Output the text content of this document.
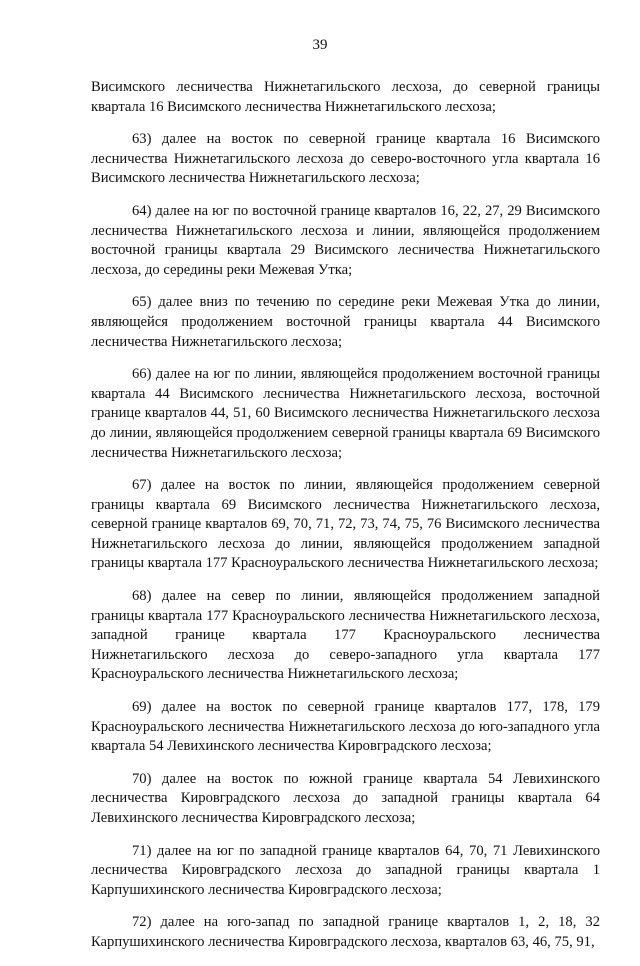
39

Висимского лесничества Нижнетагильского лесхоза, до северной границы квартала 16 Висимского лесничества Нижнетагильского лесхоза;

63) далее на восток по северной границе квартала 16 Висимского лесничества Нижнетагильского лесхоза до северо-восточного угла квартала 16 Висимского лесничества Нижнетагильского лесхоза;

64) далее на юг по восточной границе кварталов 16, 22, 27, 29 Висимского лесничества Нижнетагильского лесхоза и линии, являющейся продолжением восточной границы квартала 29 Висимского лесничества Нижнетагильского лесхоза, до середины реки Межевая Утка;

65) далее вниз по течению по середине реки Межевая Утка до линии, являющейся продолжением восточной границы квартала 44 Висимского лесничества Нижнетагильского лесхоза;

66) далее на юг по линии, являющейся продолжением восточной границы квартала 44 Висимского лесничества Нижнетагильского лесхоза, восточной границе кварталов 44, 51, 60 Висимского лесничества Нижнетагильского лесхоза до линии, являющейся продолжением северной границы квартала 69 Висимского лесничества Нижнетагильского лесхоза;

67) далее на восток по линии, являющейся продолжением северной границы квартала 69 Висимского лесничества Нижнетагильского лесхоза, северной границе кварталов 69, 70, 71, 72, 73, 74, 75, 76 Висимского лесничества Нижнетагильского лесхоза до линии, являющейся продолжением западной границы квартала 177 Красноуральского лесничества Нижнетагильского лесхоза;

68) далее на север по линии, являющейся продолжением западной границы квартала 177 Красноуральского лесничества Нижнетагильского лесхоза, западной границе квартала 177 Красноуральского лесничества Нижнетагильского лесхоза до северо-западного угла квартала 177 Красноуральского лесничества Нижнетагильского лесхоза;

69) далее на восток по северной границе кварталов 177, 178, 179 Красноуральского лесничества Нижнетагильского лесхоза до юго-западного угла квартала 54 Левихинского лесничества Кировградского лесхоза;

70) далее на восток по южной границе квартала 54 Левихинского лесничества Кировградского лесхоза до западной границы квартала 64 Левихинского лесничества Кировградского лесхоза;

71) далее на юг по западной границе кварталов 64, 70, 71 Левихинского лесничества Кировградского лесхоза до западной границы квартала 1 Карпушихинского лесничества Кировградского лесхоза;

72) далее на юго-запад по западной границе кварталов 1, 2, 18, 32 Карпушихинского лесничества Кировградского лесхоза, кварталов 63, 46, 75, 91,
